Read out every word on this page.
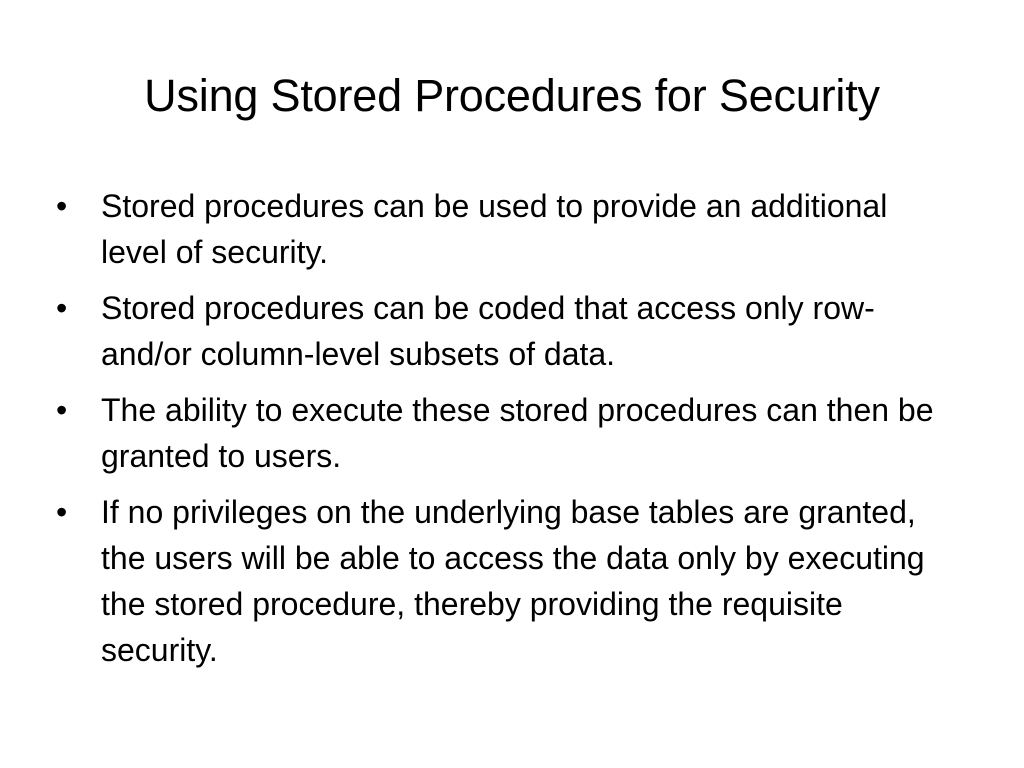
Using Stored Procedures for Security
•	Stored procedures can be used to provide an additional level of security.
•	Stored procedures can be coded that access only row- and/or column-level subsets of data.
•	The ability to execute these stored procedures can then be granted to users.
•	If no privileges on the underlying base tables are granted, the users will be able to access the data only by executing the stored procedure, thereby providing the requisite security.
